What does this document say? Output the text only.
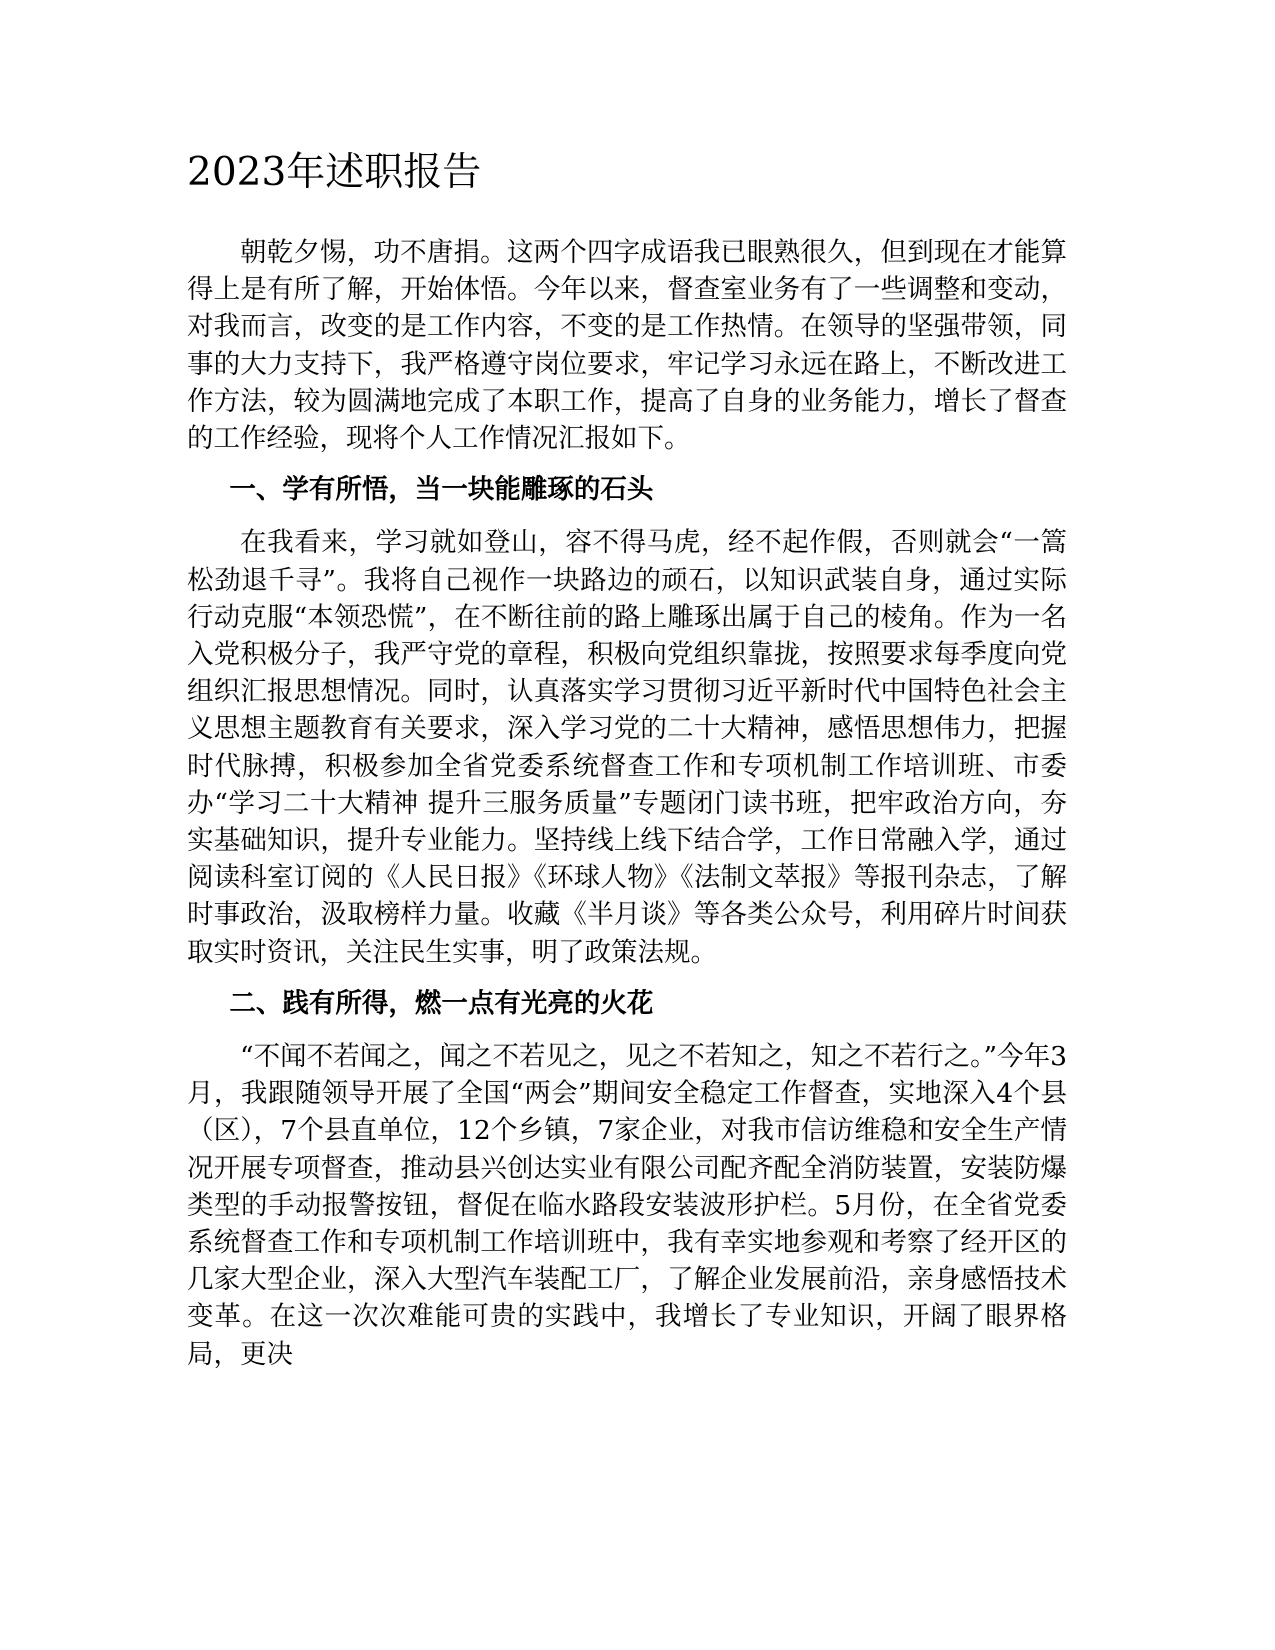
2023年述职报告

朝乾夕惕，功不唐捐。这两个四字成语我已眼熟很久，但到现在才能算得上是有所了解，开始体悟。今年以来，督查室业务有了一些调整和变动，对我而言，改变的是工作内容，不变的是工作热情。在领导的坚强带领，同事的大力支持下，我严格遵守岗位要求，牢记学习永远在路上，不断改进工作方法，较为圆满地完成了本职工作，提高了自身的业务能力，增长了督查的工作经验，现将个人工作情况汇报如下。

一、学有所悟，当一块能雕琢的石头

在我看来，学习就如登山，容不得马虎，经不起作假，否则就会“一篙松劲退千寻”。我将自己视作一块路边的顽石，以知识武装自身，通过实际行动克服“本领恐慌”，在不断往前的路上雕琢出属于自己的棱角。作为一名入党积极分子，我严守党的章程，积极向党组织靠拢，按照要求每季度向党组织汇报思想情况。同时，认真落实学习贯彻习近平新时代中国特色社会主义思想主题教育有关要求，深入学习党的二十大精神，感悟思想伟力，把握时代脉搏，积极参加全省党委系统督查工作和专项机制工作培训班、市委办“学习二十大精神 提升三服务质量”专题闭门读书班，把牢政治方向，夯实基础知识，提升专业能力。坚持线上线下结合学，工作日常融入学，通过阅读科室订阅的《人民日报》《环球人物》《法制文萃报》等报刊杂志，了解时事政治，汲取榜样力量。收藏《半月谈》等各类公众号，利用碎片时间获取实时资讯，关注民生实事，明了政策法规。

二、践有所得，燃一点有光亮的火花

“不闻不若闻之，闻之不若见之，见之不若知之，知之不若行之。”今年3月，我跟随领导开展了全国“两会”期间安全稳定工作督查，实地深入4个县（区），7个县直单位，12个乡镇，7家企业，对我市信访维稳和安全生产情况开展专项督查，推动县兴创达实业有限公司配齐配全消防装置，安装防爆类型的手动报警按钮，督促在临水路段安装波形护栏。5月份，在全省党委系统督查工作和专项机制工作培训班中，我有幸实地参观和考察了经开区的几家大型企业，深入大型汽车装配工厂，了解企业发展前沿，亲身感悟技术变革。在这一次次难能可贵的实践中，我增长了专业知识，开阔了眼界格局，更决
